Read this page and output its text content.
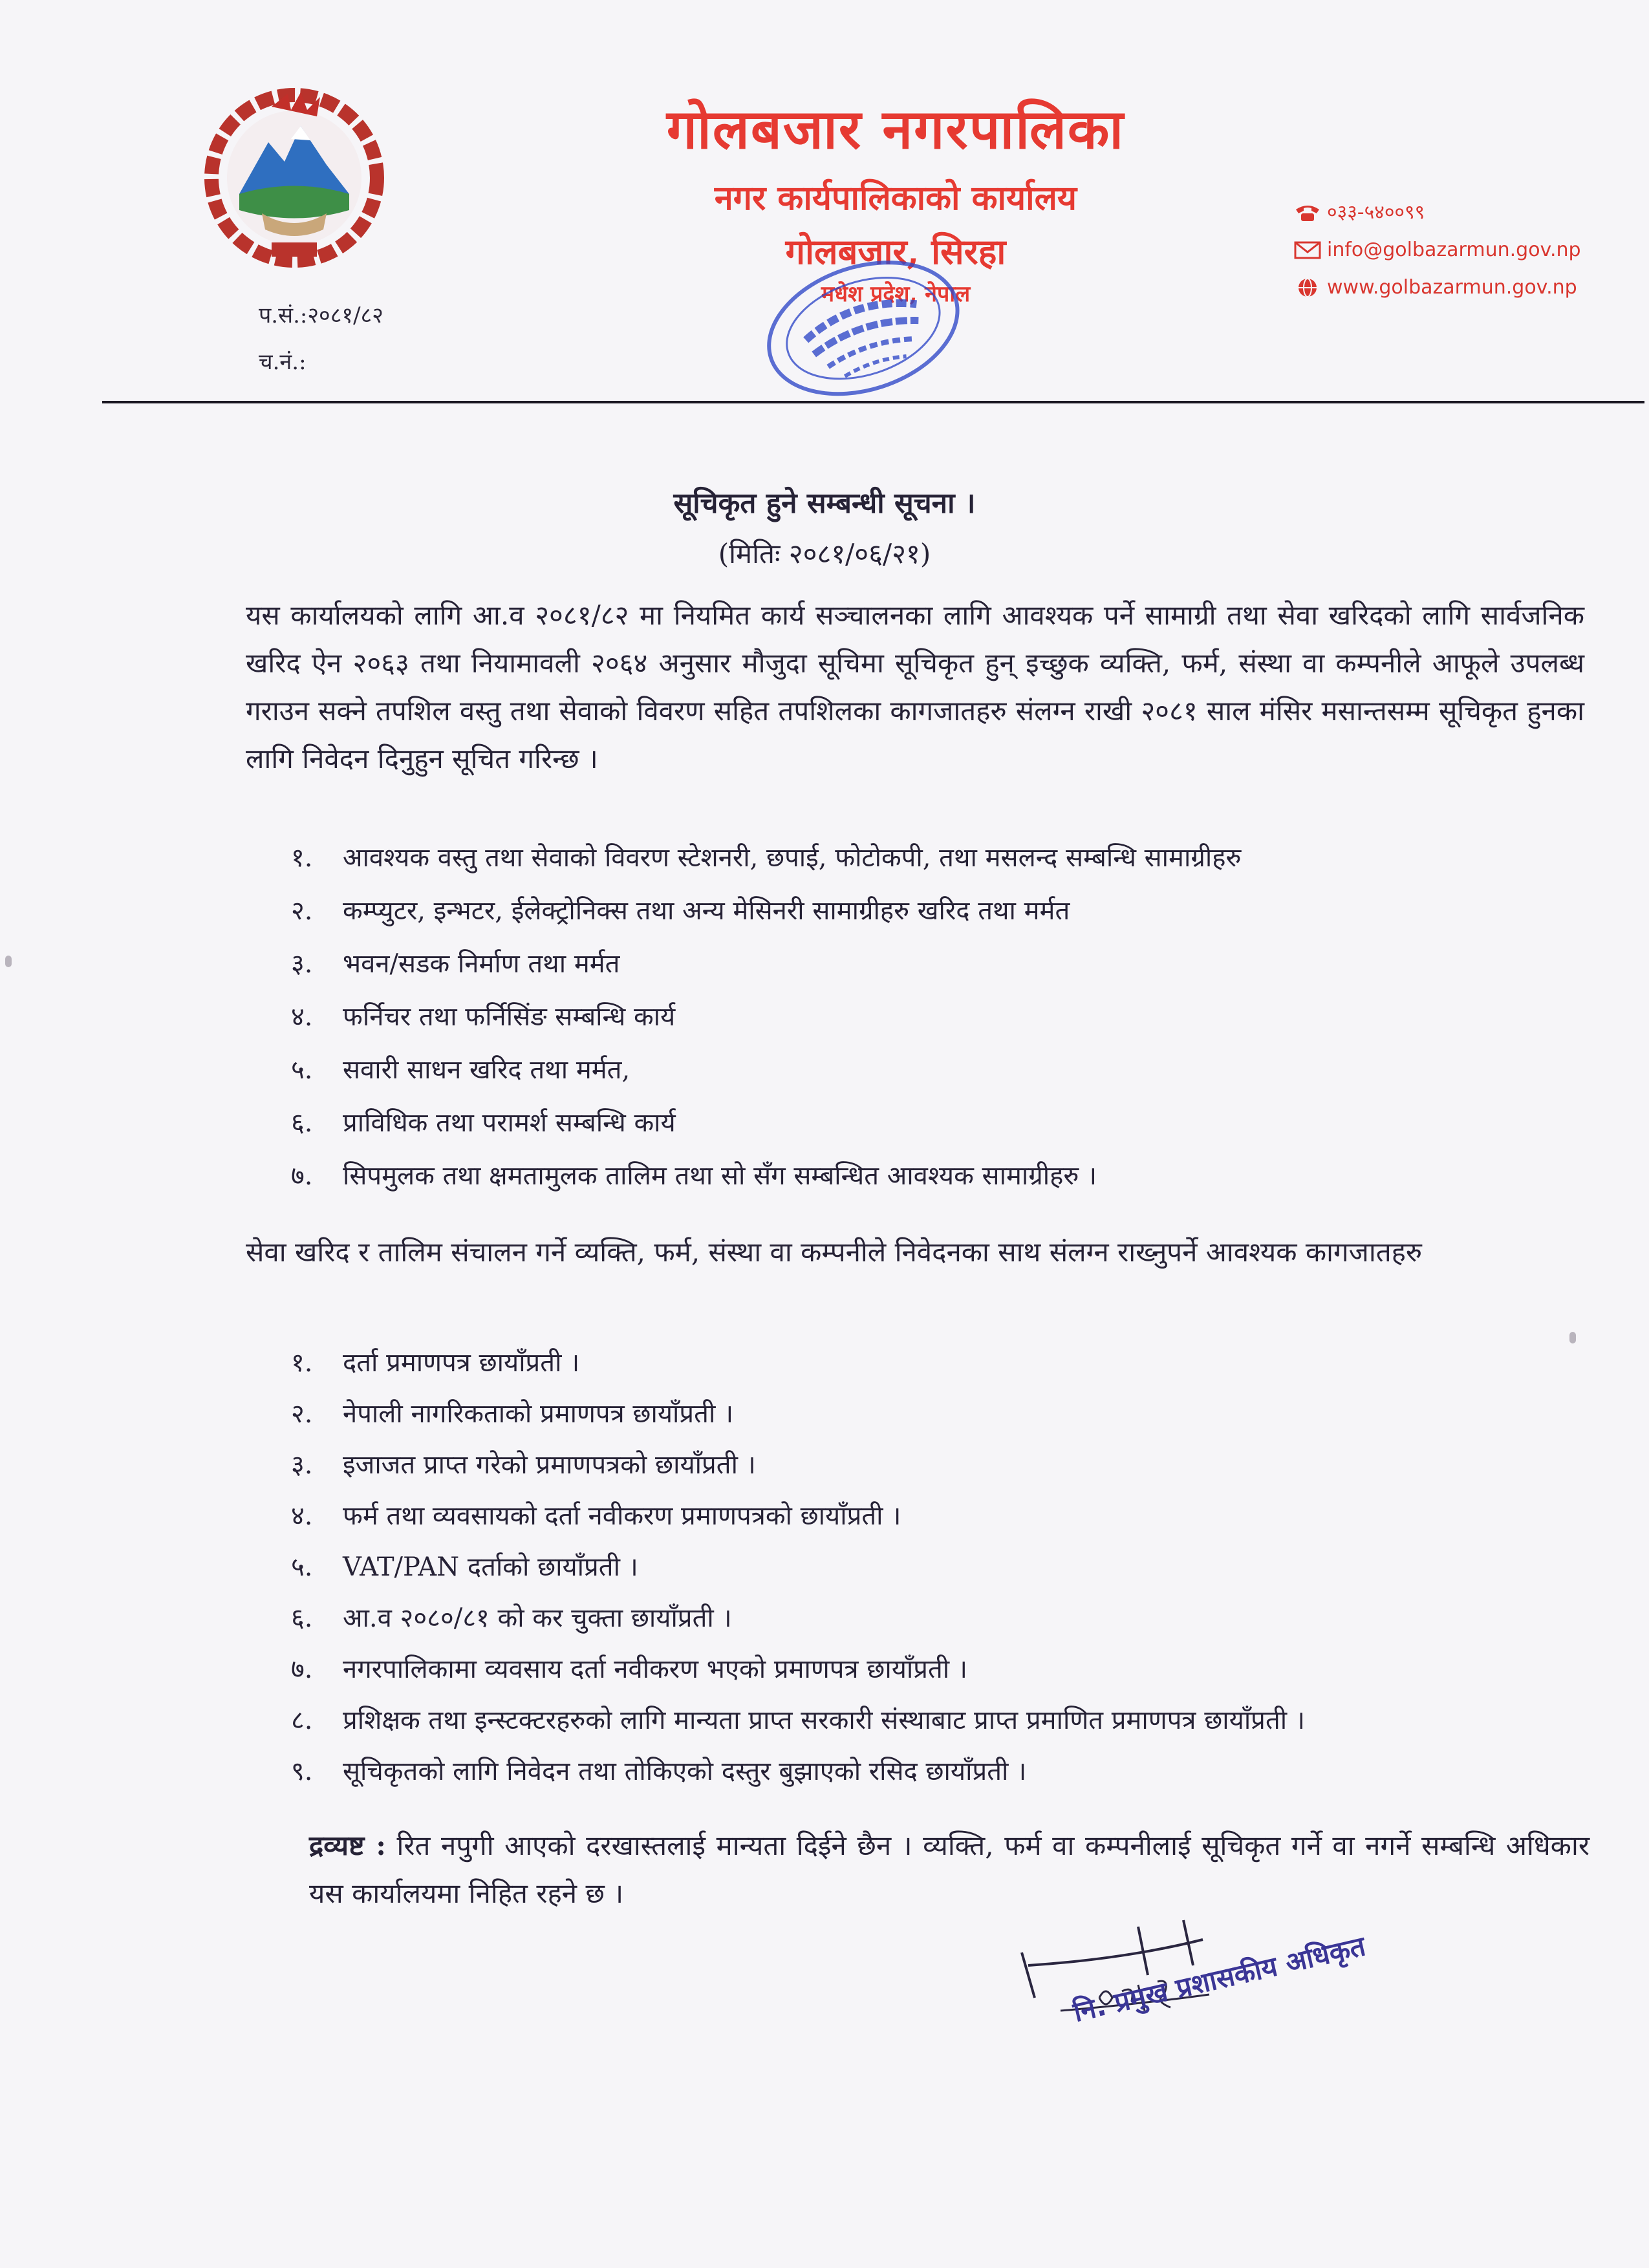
गोलबजार नगरपालिका
नगर कार्यपालिकाको कार्यालय
गोलबजार, सिरहा
मधेश प्रदेश, नेपाल
०३३-५४००९९
info@golbazarmun.gov.np
www.golbazarmun.gov.np
प.सं.:२०८१/८२
च.नं.:
सूचिकृत हुने सम्बन्धी सूचना ।
(मितिः २०८१/०६/२१)
यस कार्यालयको लागि आ.व २०८१/८२ मा नियमित कार्य सञ्चालनका लागि आवश्यक पर्ने सामाग्री तथा सेवा खरिदको लागि सार्वजनिक खरिद ऐन २०६३ तथा नियामावली २०६४ अनुसार मौजुदा सूचिमा सूचिकृत हुन् इच्छुक व्यक्ति, फर्म, संस्था वा कम्पनीले आफूले उपलब्ध गराउन सक्ने तपशिल वस्तु तथा सेवाको विवरण सहित तपशिलका कागजातहरु संलग्न राखी २०८१ साल मंसिर मसान्तसम्म सूचिकृत हुनका लागि निवेदन दिनुहुन सूचित गरिन्छ ।
१.	आवश्यक वस्तु तथा सेवाको विवरण स्टेशनरी, छपाई, फोटोकपी, तथा मसलन्द सम्बन्धि सामाग्रीहरु
२.	कम्प्युटर, इन्भटर, ईलेक्ट्रोनिक्स तथा अन्य मेसिनरी सामाग्रीहरु खरिद तथा मर्मत
३.	भवन/सडक निर्माण तथा मर्मत
४.	फर्निचर तथा फर्निसिंङ सम्बन्धि कार्य
५.	सवारी साधन खरिद तथा मर्मत,
६.	प्राविधिक तथा परामर्श सम्बन्धि कार्य
७.	सिपमुलक तथा क्षमतामुलक तालिम तथा सो सँग सम्बन्धित आवश्यक सामाग्रीहरु ।
सेवा खरिद र तालिम संचालन गर्ने व्यक्ति, फर्म, संस्था वा कम्पनीले निवेदनका साथ संलग्न राख्नुपर्ने आवश्यक कागजातहरु
१.	दर्ता प्रमाणपत्र छायाँप्रती ।
२.	नेपाली नागरिकताको प्रमाणपत्र छायाँप्रती ।
३.	इजाजत प्राप्त गरेको प्रमाणपत्रको छायाँप्रती ।
४.	फर्म तथा व्यवसायको दर्ता नवीकरण प्रमाणपत्रको छायाँप्रती ।
५.	VAT/PAN दर्ताको छायाँप्रती ।
६.	आ.व २०८०/८१ को कर चुक्ता छायाँप्रती ।
७.	नगरपालिकामा व्यवसाय दर्ता नवीकरण भएको प्रमाणपत्र छायाँप्रती ।
८.	प्रशिक्षक तथा इन्स्टक्टरहरुको लागि मान्यता प्राप्त सरकारी संस्थाबाट प्राप्त प्रमाणित प्रमाणपत्र छायाँप्रती ।
९.	सूचिकृतको लागि निवेदन तथा तोकिएको दस्तुर बुझाएको रसिद छायाँप्रती ।
द्रव्यष्ट : रित नपुगी आएको दरखास्तलाई मान्यता दिईने छैन । व्यक्ति, फर्म वा कम्पनीलाई सूचिकृत गर्ने वा नगर्ने सम्बन्धि अधिकार यस कार्यालयमा निहित रहने छ ।
नि. प्रमुख प्रशासकीय अधिकृत
